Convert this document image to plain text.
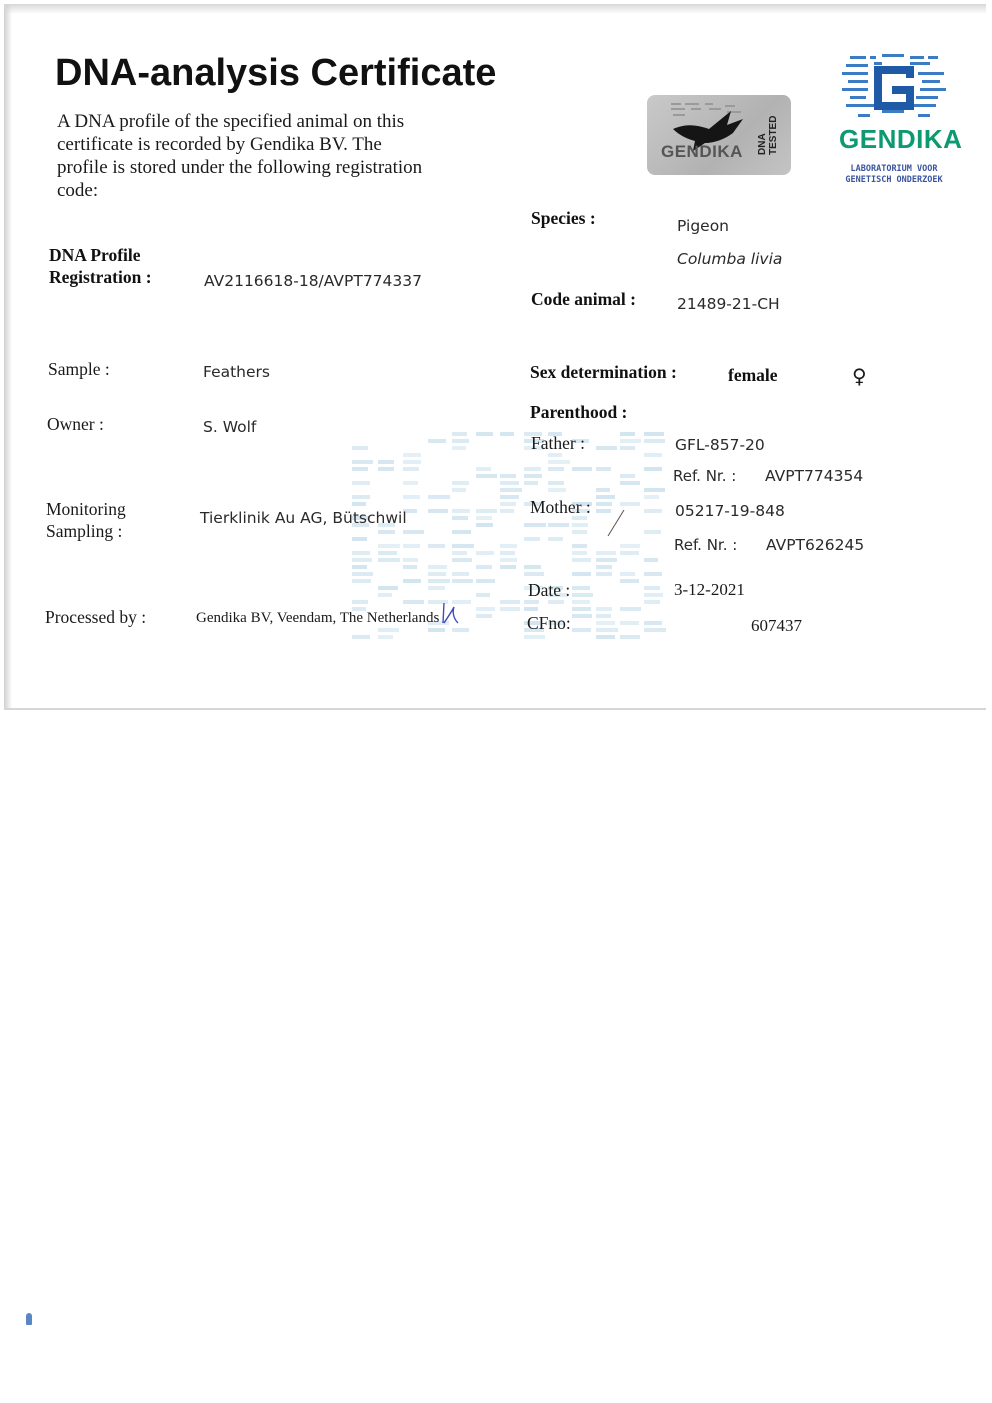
DNA-analysis Certificate
A DNA profile of the specified animal on this certificate is recorded by Gendika BV. The profile is stored under the following registration code:
GENDIKA DNA TESTED GENDIKA
LABORATORIUM VOOR GENETISCH ONDERZOEK
DNA Profile Registration :	AV2116618-18/AVPT774337
Sample :	Feathers
Owner :	S. Wolf
Monitoring Sampling :
Tierklinik Au AG, Bütschwil
Processed by :	Gendika BV, Veendam, The Netherlands
Species :	Pigeon
Columba livia
Code animal :	21489-21-CH
Sex determination :	female	♀
Parenthood :
Father :	GFL-857-20
Ref. Nr. : AVPT774354
Mother :	05217-19-848
Ref. Nr. : AVPT626245
Date :	3-12-2021
CFno:	607437
